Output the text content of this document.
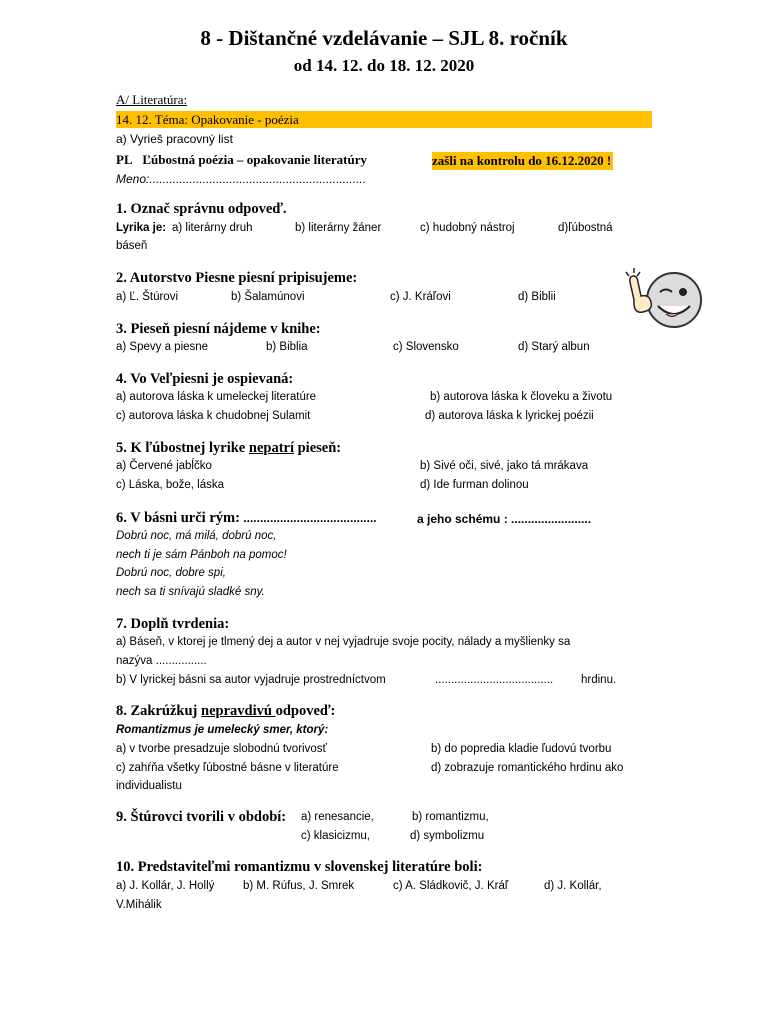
8 - Dištančné vzdelávanie – SJL 8. ročník
od 14. 12. do 18. 12. 2020
A/ Literatúra:
14. 12. Téma: Opakovanie - poézia
a) Vyrieš pracovný list
PL Ľúbostná poézia – opakovanie literatúry	zašli na kontrolu do 16.12.2020 !
Meno:.................................................................
1. Označ správnu odpoveď.
Lyrika je: a) literárny druh	b) literárny žáner	c) hudobný nástroj	d)ľúbostná
báseň
2. Autorstvo Piesne piesní pripisujeme:
a) Ľ. Štúrovi	b) Šalamúnovi	c) J. Kráľovi	d) Biblii
3. Pieseň piesní nájdeme v knihe:
a) Spevy a piesne	b) Biblia	c) Slovensko	d) Starý albun
4. Vo Veľpiesni je ospievaná:
a) autorova láska k umeleckej literatúre	b) autorova láska k človeku a životu
c) autorova láska k chudobnej Sulamit	d) autorova láska k lyrickej poézii
5. K ľúbostnej lyrike nepatrí pieseň:
a) Červené jabĺčko	b) Sivé oči, sivé, jako tá mrákava
c) Láska, bože, láska	d) Ide furman dolinou
6. V básni urči rým: ........................................	a jeho schému : ........................
Dobrú noc, má milá, dobrú noc,
nech ti je sám Pánboh na pomoc!
Dobrú noc, dobre spi,
nech sa ti snívajú sladké sny.
7. Doplň tvrdenia:
a) Báseň, v ktorej je tlmený dej a autor v nej vyjadruje svoje pocity, nálady a myšlienky sa
nazýva ................
b) V lyrickej básni sa autor vyjadruje prostredníctvom	..................................... hrdinu.
8. Zakrúžkuj nepravdivú odpoveď:
Romantizmus je umelecký smer, ktorý:
a) v tvorbe presadzuje slobodnú tvorivosť	b) do popredia kladie ľudovú tvorbu
c) zahŕňa všetky ľúbostné básne v literatúre	d) zobrazuje romantického hrdinu ako
individualistu
9. Štúrovci tvorili v období: a) renesancie,	b) romantizmu,
c) klasicizmu,	d) symbolizmu
10. Predstaviteľmi romantizmu v slovenskej literatúre boli:
a) J. Kollár, J. Hollý b) M. Rúfus, J. Smrek	c) A. Sládkovič, J. Kráľ	d) J. Kollár,
V.Mihálik
